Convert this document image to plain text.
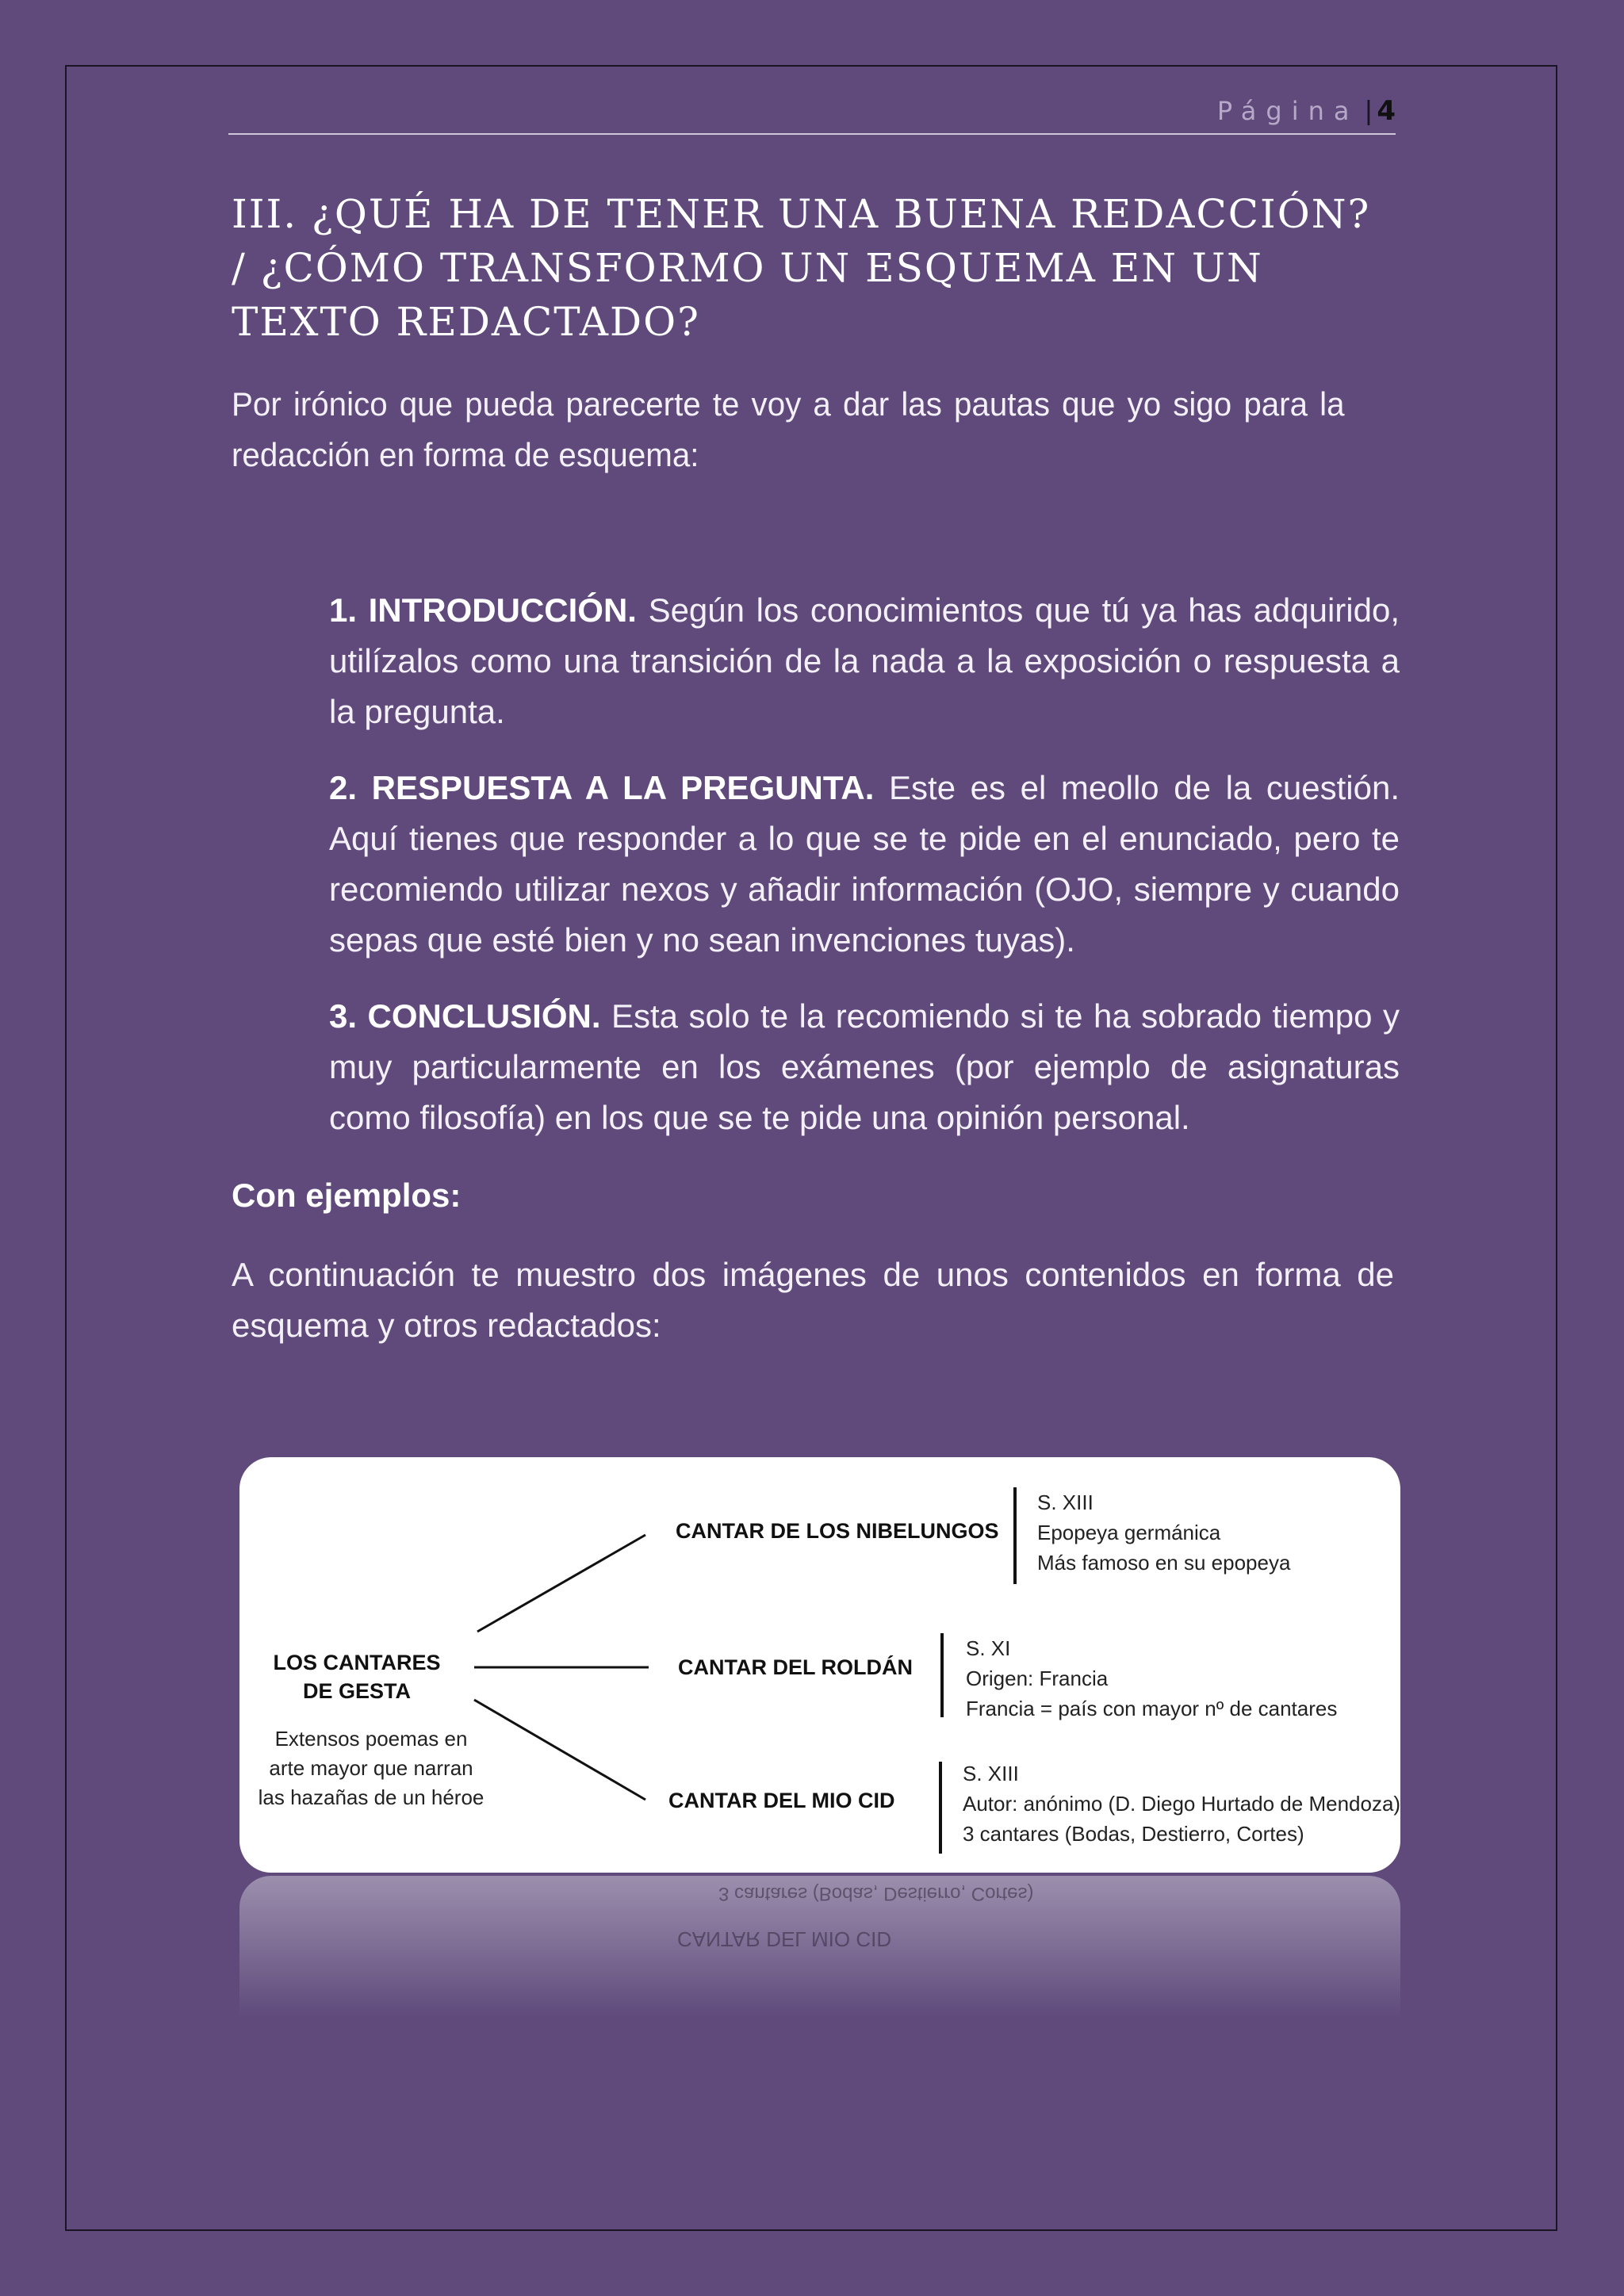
Página | 4
III. ¿QUÉ HA DE TENER UNA BUENA REDACCIÓN? / ¿CÓMO TRANSFORMO UN ESQUEMA EN UN TEXTO REDACTADO?

Por irónico que pueda parecerte te voy a dar las pautas que yo sigo para la redacción en forma de esquema:

1. INTRODUCCIÓN. Según los conocimientos que tú ya has adquirido, utilízalos como una transición de la nada a la exposición o respuesta a la pregunta.

2. RESPUESTA A LA PREGUNTA. Este es el meollo de la cuestión. Aquí tienes que responder a lo que se te pide en el enunciado, pero te recomiendo utilizar nexos y añadir información (OJO, siempre y cuando sepas que esté bien y no sean invenciones tuyas).

3. CONCLUSIÓN. Esta solo te la recomiendo si te ha sobrado tiempo y muy particularmente en los exámenes (por ejemplo de asignaturas como filosofía) en los que se te pide una opinión personal.

Con ejemplos:

A continuación te muestro dos imágenes de unos contenidos en forma de esquema y otros redactados:

LOS CANTARES
DE GESTA
Extensos poemas en
arte mayor que narran
las hazañas de un héroe
CANTAR DE LOS NIBELUNGOS
CANTAR DEL ROLDÁN
CANTAR DEL MIO CID
S. XIII
Epopeya germánica
Más famoso en su epopeya
S. XI
Origen: Francia
Francia = país con mayor nº de cantares
S. XIII
Autor: anónimo (D. Diego Hurtado de Mendoza)
3 cantares (Bodas, Destierro, Cortes)
CANTAR DEL MIO CID
3 cantares (Bodas, Destierro, Cortes)
